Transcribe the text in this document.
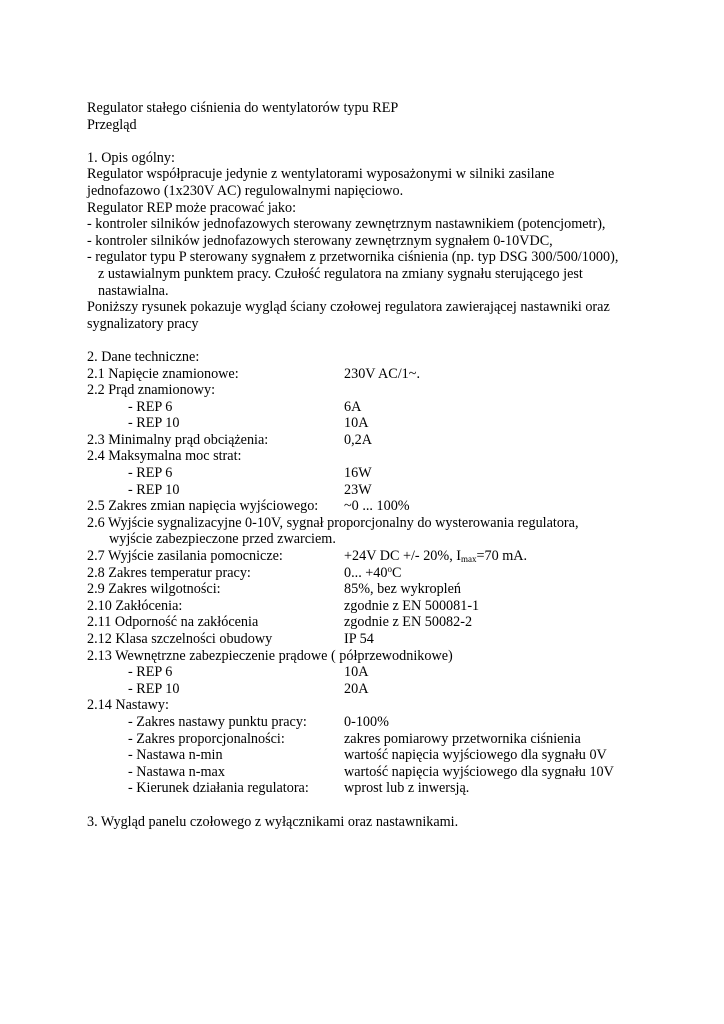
Regulator stałego ciśnienia do wentylatorów typu REP
Przegląd
1. Opis ogólny:
Regulator współpracuje jedynie z wentylatorami wyposażonymi w silniki zasilane
jednofazowo (1x230V AC) regulowalnymi napięciowo.
Regulator REP może pracować jako:
- kontroler silników jednofazowych sterowany zewnętrznym nastawnikiem (potencjometr),
- kontroler silników jednofazowych sterowany zewnętrznym sygnałem 0-10VDC,
- regulator typu P sterowany sygnałem z przetwornika ciśnienia (np. typ DSG 300/500/1000),
z ustawialnym punktem pracy. Czułość regulatora na zmiany sygnału sterującego jest
nastawialna.
Poniższy rysunek pokazuje wygląd ściany czołowej regulatora zawierającej nastawniki oraz
sygnalizatory pracy
2. Dane techniczne:
2.1 Napięcie znamionowe:	230V AC/1~.
2.2 Prąd znamionowy:
- REP 6	6A
- REP 10	10A
2.3 Minimalny prąd obciążenia:	0,2A
2.4 Maksymalna moc strat:
- REP 6	16W
- REP 10	23W
2.5 Zakres zmian napięcia wyjściowego: ~0 ... 100%
2.6 Wyjście sygnalizacyjne 0-10V, sygnał proporcjonalny do wysterowania regulatora,
wyjście zabezpieczone przed zwarciem.
2.7 Wyjście zasilania pomocnicze:	+24V DC +/- 20%, $I_{max}=70$ mA.
2.8 Zakres temperatur pracy:	0... $+40^oC$
2.9 Zakres wilgotności:	85%, bez wykropleń
2.10 Zakłócenia:	zgodnie z EN 500081-1
2.11 Odporność na zakłócenia	zgodnie z EN 50082-2
2.12 Klasa szczelności obudowy	IP 54
2.13 Wewnętrzne zabezpieczenie prądowe ( półprzewodnikowe)
- REP 6	10A
- REP 10	20A
2.14 Nastawy:
- Zakres nastawy punktu pracy:	0-100%
- Zakres proporcjonalności:	zakres pomiarowy przetwornika ciśnienia
- Nastawa n-min	wartość napięcia wyjściowego dla sygnału 0V
- Nastawa n-max	wartość napięcia wyjściowego dla sygnału 10V
- Kierunek działania regulatora: wprost lub z inwersją.
3. Wygląd panelu czołowego z wyłącznikami oraz nastawnikami.
